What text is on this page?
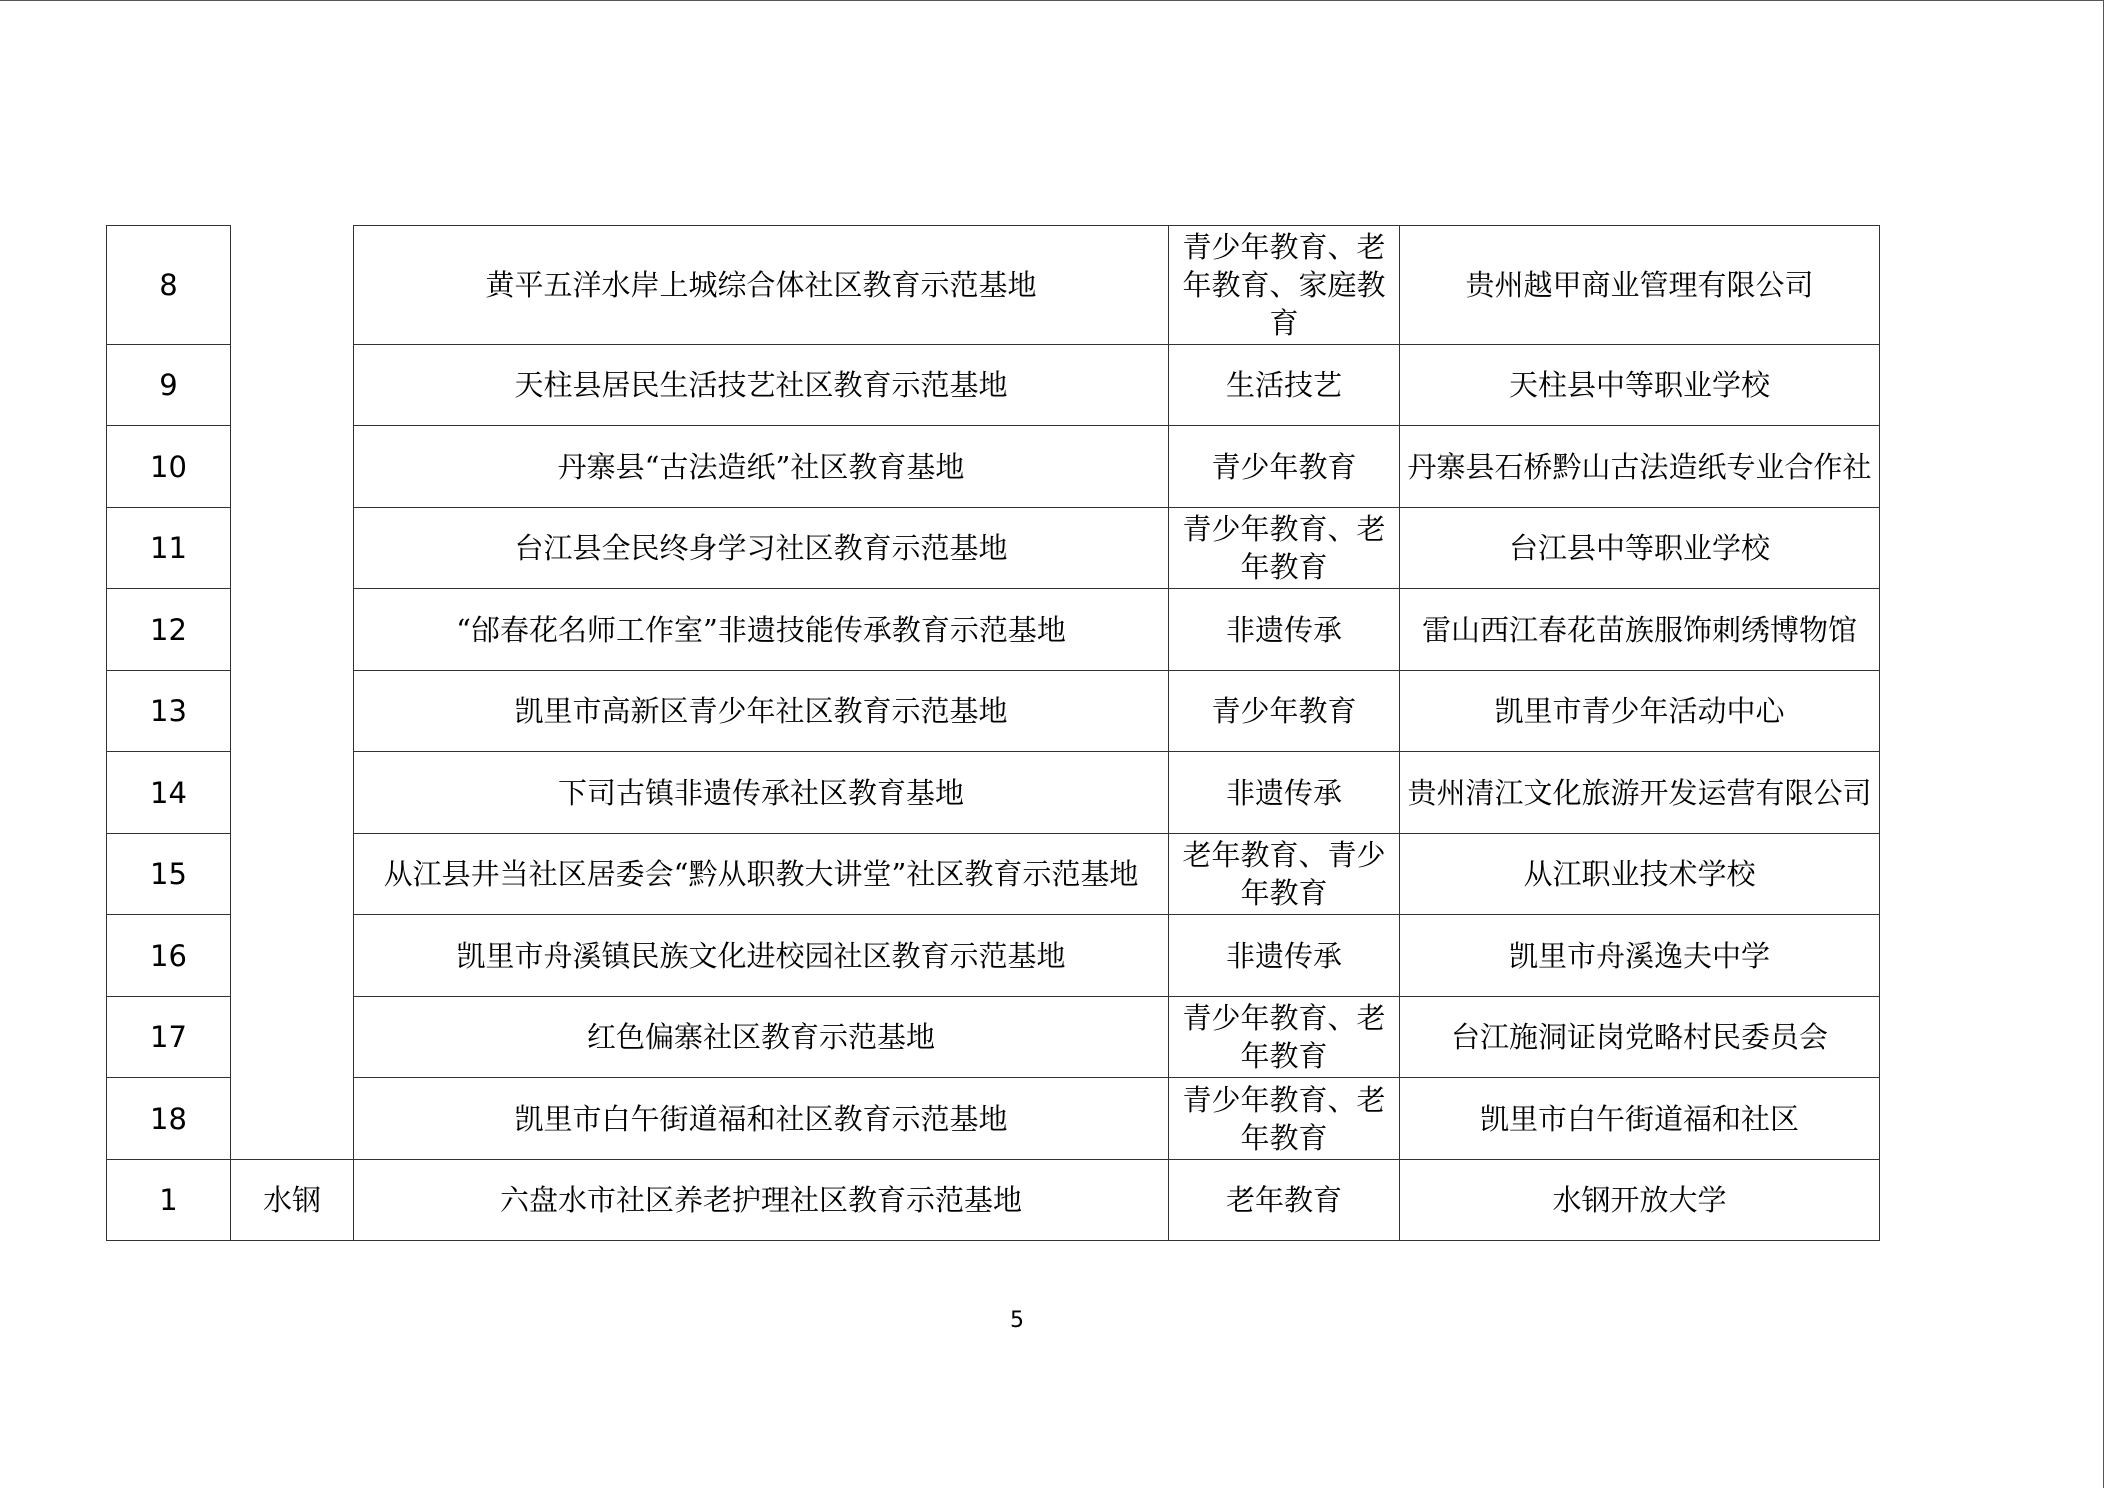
8		黄平五洋水岸上城综合体社区教育示范基地	青少年教育、老年教育、家庭教育	贵州越甲商业管理有限公司
9		天柱县居民生活技艺社区教育示范基地	生活技艺	天柱县中等职业学校
10		丹寨县“古法造纸”社区教育基地	青少年教育	丹寨县石桥黔山古法造纸专业合作社
11		台江县全民终身学习社区教育示范基地	青少年教育、老年教育	台江县中等职业学校
12		“邰春花名师工作室”非遗技能传承教育示范基地	非遗传承	雷山西江春花苗族服饰刺绣博物馆
13		凯里市高新区青少年社区教育示范基地	青少年教育	凯里市青少年活动中心
14		下司古镇非遗传承社区教育基地	非遗传承	贵州清江文化旅游开发运营有限公司
15		从江县井当社区居委会“黔从职教大讲堂”社区教育示范基地	老年教育、青少年教育	从江职业技术学校
16		凯里市舟溪镇民族文化进校园社区教育示范基地	非遗传承	凯里市舟溪逸夫中学
17		红色偏寨社区教育示范基地	青少年教育、老年教育	台江施洞证岗党略村民委员会
18		凯里市白午街道福和社区教育示范基地	青少年教育、老年教育	凯里市白午街道福和社区
1	水钢	六盘水市社区养老护理社区教育示范基地	老年教育	水钢开放大学
5
